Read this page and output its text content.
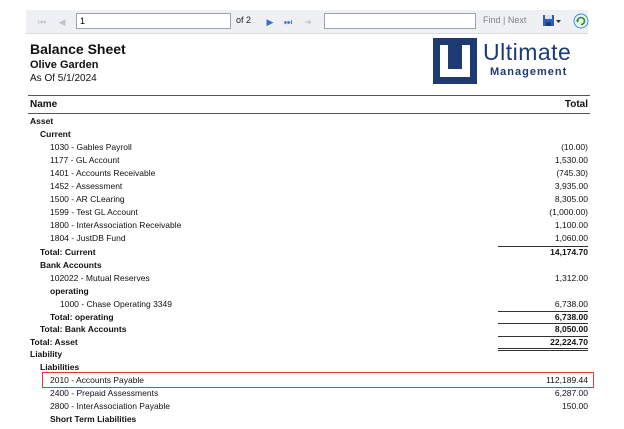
⏮	◀
1	of 2	▶	⏭	➜	Find | Next
Balance Sheet
Olive Garden
As Of 5/1/2024
Ultimate
Management
Name	Total
Asset
Current
1030 - Gables Payroll	(10.00)
1177 - GL Account	1,530.00
1401 - Accounts Receivable	(745.30)
1452 - Assessment	3,935.00
1500 - AR CLearing	8,305.00
1599 - Test GL Account	(1,000.00)
1800 - InterAssociation Receivable	1,100.00
1804 - JustDB Fund	1,060.00
Total: Current	14,174.70
Bank Accounts
102022 - Mutual Reserves	1,312.00
operating
1000 - Chase Operating 3349	6,738.00
Total: operating	6,738.00
Total: Bank Accounts	8,050.00
Total: Asset	22,224.70
Liability
Liabilities
2010 - Accounts Payable	112,189.44
2400 - Prepaid Assessments	6,287.00
2800 - InterAssociation Payable	150.00
Short Term Liabilities
